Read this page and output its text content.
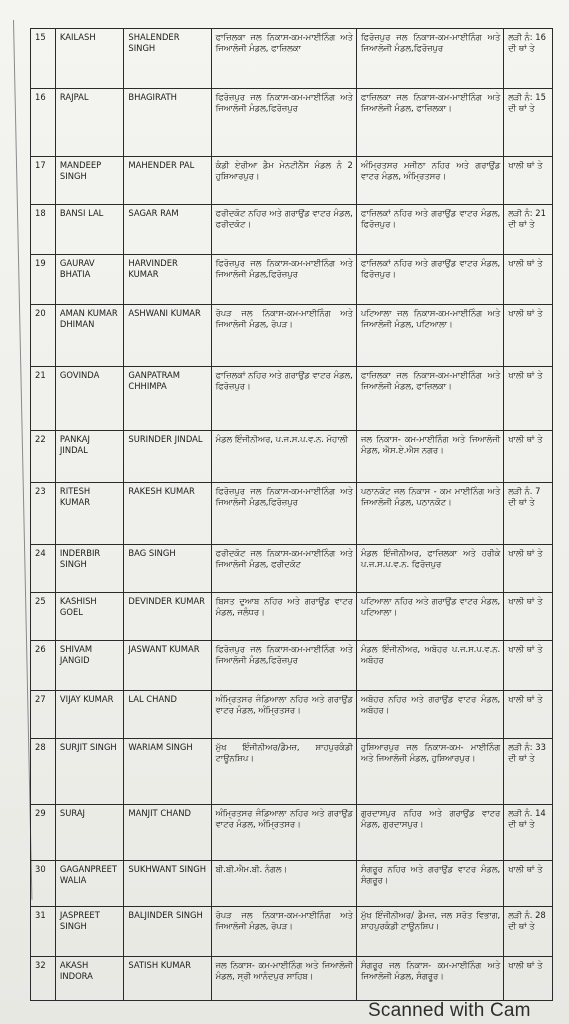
15	KAILASH	SHALENDER SINGH	ਫਾਜ਼ਿਲਕਾ ਜਲ ਨਿਕਾਸ-ਕਮ-ਮਾਈਨਿੰਗ ਅਤੇ ਜਿਆਲੋਜੀ ਮੰਡਲ, ਫਾਜ਼ਿਲਕਾ	ਫਿਰੋਜ਼ਪੁਰ ਜਲ ਨਿਕਾਸ-ਕਮ-ਮਾਈਨਿੰਗ ਅਤੇ ਜਿਆਲੋਜੀ ਮੰਡਲ,ਫਿਰੋਜ਼ਪੁਰ	ਲੜੀ ਨੰ: 16 ਦੀ ਥਾਂ ਤੇ
16	RAJPAL	BHAGIRATH	ਫਿਰੋਜ਼ਪੁਰ ਜਲ ਨਿਕਾਸ-ਕਮ-ਮਾਈਨਿੰਗ ਅਤੇ ਜਿਆਲੋਜੀ ਮੰਡਲ,ਫਿਰੋਜ਼ਪੁਰ	ਫਾਜ਼ਿਲਕਾ ਜਲ ਨਿਕਾਸ-ਕਮ-ਮਾਈਨਿੰਗ ਅਤੇ ਜਿਆਲੋਜੀ ਮੰਡਲ, ਫਾਜ਼ਿਲਕਾ।	ਲੜੀ ਨੰ: 15 ਦੀ ਥਾਂ ਤੇ
17	MANDEEP SINGH	MAHENDER PAL	ਕੰਡੀ ਏਰੀਆ ਡੈਮ ਮੇਨਟੀਨੈਂਸ ਮੰਡਲ ਨੰ 2 ਹੁਸ਼ਿਆਰਪੁਰ।	ਅੰਮ੍ਰਿਤਸਰ ਮਜੀਠਾ ਨਹਿਰ ਅਤੇ ਗਰਾਉਂਡ ਵਾਟਰ ਮੰਡਲ, ਅੰਮ੍ਰਿਤਸਰ।	ਖਾਲੀ ਥਾਂ ਤੇ
18	BANSI LAL	SAGAR RAM	ਫਰੀਦਕੋਟ ਨਹਿਰ ਅਤੇ ਗਰਾਉਂਡ ਵਾਟਰ ਮੰਡਲ, ਫਰੀਦਕੋਟ।	ਫਾਜ਼ਿਲਕਾਂ ਨਹਿਰ ਅਤੇ ਗਰਾਉਂਡ ਵਾਟਰ ਮੰਡਲ, ਫਿਰੋਜ਼ਪੁਰ।	ਲੜੀ ਨੰ: 21 ਦੀ ਥਾਂ ਤੇ
19	GAURAV BHATIA	HARVINDER KUMAR	ਫਿਰੋਜ਼ਪੁਰ ਜਲ ਨਿਕਾਸ-ਕਮ-ਮਾਈਨਿੰਗ ਅਤੇ ਜਿਆਲੋਜੀ ਮੰਡਲ,ਫਿਰੋਜ਼ਪੁਰ	ਫਾਜ਼ਿਲਕਾਂ ਨਹਿਰ ਅਤੇ ਗਰਾਉਂਡ ਵਾਟਰ ਮੰਡਲ, ਫਿਰੋਜ਼ਪੁਰ।	ਖਾਲੀ ਥਾਂ ਤੇ
20	AMAN KUMAR DHIMAN	ASHWANI KUMAR	ਰੋਪੜ ਜਲ ਨਿਕਾਸ-ਕਮ-ਮਾਈਨਿੰਗ ਅਤੇ ਜਿਆਲੋਜੀ ਮੰਡਲ, ਰੋਪੜ।	ਪਟਿਆਲਾ ਜਲ ਨਿਕਾਸ-ਕਮ-ਮਾਈਨਿੰਗ ਅਤੇ ਜਿਆਲੋਜੀ ਮੰਡਲ, ਪਟਿਆਲਾ।	ਖਾਲੀ ਥਾਂ ਤੇ
21	GOVINDA	GANPATRAM CHHIMPA	ਫਾਜ਼ਿਲਕਾਂ ਨਹਿਰ ਅਤੇ ਗਰਾਉਂਡ ਵਾਟਰ ਮੰਡਲ, ਫਿਰੋਜ਼ਪੁਰ।	ਫਾਜ਼ਿਲਕਾ ਜਲ ਨਿਕਾਸ-ਕਮ-ਮਾਈਨਿੰਗ ਅਤੇ ਜਿਆਲੋਜੀ ਮੰਡਲ, ਫਾਜ਼ਿਲਕਾ।	ਖਾਲੀ ਥਾਂ ਤੇ
22	PANKAJ JINDAL	SURINDER JINDAL	ਮੰਡਲ ਇੰਜੀਨੀਅਰ, ਪ.ਜ.ਸ.ਪ.ਵ.ਨ. ਮੋਹਾਲੀ	ਜਲ ਨਿਕਾਸ- ਕਮ-ਮਾਈਨਿੰਗ ਅਤੇ ਜਿਆਲੋਜੀ ਮੰਡਲ, ਐਸ.ਏ.ਐਸ ਨਗਰ।	ਖਾਲੀ ਥਾਂ ਤੇ
23	RITESH KUMAR	RAKESH KUMAR	ਫਿਰੋਜ਼ਪੁਰ ਜਲ ਨਿਕਾਸ-ਕਮ-ਮਾਈਨਿੰਗ ਅਤੇ ਜਿਆਲੋਜੀ ਮੰਡਲ,ਫਿਰੋਜ਼ਪੁਰ	ਪਠਾਨਕੋਟ ਜਲ ਨਿਕਾਸ - ਕਮ ਮਾਈਨਿੰਗ ਅਤੇ ਜਿਆਲੋਜੀ ਮੰਡਲ, ਪਠਾਨਕੋਟ।	ਲੜੀ ਨੰ. 7 ਦੀ ਥਾਂ ਤੇ
24	INDERBIR SINGH	BAG SINGH	ਫਰੀਦਕੋਟ ਜਲ ਨਿਕਾਸ-ਕਮ-ਮਾਈਨਿੰਗ ਅਤੇ ਜਿਆਲੋਜੀ ਮੰਡਲ, ਫਰੀਦਕੋਟ	ਮੰਡਲ ਇੰਜੀਨੀਅਰ, ਫਾਜ਼ਿਲਕਾ ਅਤੇ ਹਰੀਕੇ ਪ.ਜ.ਸ.ਪ.ਵ.ਨ. ਫਿਰੋਜ਼ਪੁਰ	ਖਾਲੀ ਥਾਂ ਤੇ
25	KASHISH GOEL	DEVINDER KUMAR	ਬਿਸਤ ਦੁਆਬ ਨਹਿਰ ਅਤੇ ਗਰਾਉਂਡ ਵਾਟਰ ਮੰਡਲ, ਜਲੰਧਰ।	ਪਟਿਆਲਾ ਨਹਿਰ ਅਤੇ ਗਰਾਉਂਡ ਵਾਟਰ ਮੰਡਲ, ਪਟਿਆਲਾ।	ਖਾਲੀ ਥਾਂ ਤੇ
26	SHIVAM JANGID	JASWANT KUMAR	ਫਿਰੋਜ਼ਪੁਰ ਜਲ ਨਿਕਾਸ-ਕਮ-ਮਾਈਨਿੰਗ ਅਤੇ ਜਿਆਲੋਜੀ ਮੰਡਲ,ਫਿਰੋਜ਼ਪੁਰ	ਮੰਡਲ ਇੰਜੀਨੀਅਰ, ਅਬੋਹਰ ਪ.ਜ.ਸ.ਪ.ਵ.ਨ. ਅਬੋਹਰ	ਖਾਲੀ ਥਾਂ ਤੇ
27	VIJAY KUMAR	LAL CHAND	ਅੰਮ੍ਰਿਤਸਰ ਜੰਡਿਆਲਾ ਨਹਿਰ ਅਤੇ ਗਰਾਉਂਡ ਵਾਟਰ ਮੰਡਲ, ਅੰਮ੍ਰਿਤਸਰ।	ਅਬੋਹਰ ਨਹਿਰ ਅਤੇ ਗਰਾਉਂਡ ਵਾਟਰ ਮੰਡਲ, ਅਬੋਹਰ।	ਖਾਲੀ ਥਾਂ ਤੇ
28	SURJIT SINGH	WARIAM SINGH	ਮੁੱਖ ਇੰਜੀਨੀਅਰ/ਡੈਮਜ਼, ਸ਼ਾਹਪੁਰਕੰਡੀ ਟਾਊਨਸ਼ਿਪ।	ਹੁਸ਼ਿਆਰਪੁਰ ਜਲ ਨਿਕਾਸ-ਕਮ- ਮਾਈਨਿੰਗ ਅਤੇ ਜਿਆਲੋਜੀ ਮੰਡਲ, ਹੁਸ਼ਿਆਰਪੁਰ।	ਲੜੀ ਨੰ: 33 ਦੀ ਥਾਂ ਤੇ
29	SURAJ	MANJIT CHAND	ਅੰਮ੍ਰਿਤਸਰ ਜੰਡਿਆਲਾ ਨਹਿਰ ਅਤੇ ਗਰਾਉਂਡ ਵਾਟਰ ਮੰਡਲ, ਅੰਮ੍ਰਿਤਸਰ।	ਗੁਰਦਾਸਪੁਰ ਨਹਿਰ ਅਤੇ ਗਰਾਉਂਡ ਵਾਟਰ ਮੰਡਲ, ਗੁਰਦਾਸਪੁਰ।	ਲੜੀ ਨੰ. 14 ਦੀ ਥਾਂ ਤੇ
30	GAGANPREET WALIA	SUKHWANT SINGH	ਬੀ.ਬੀ.ਐਮ.ਬੀ. ਨੰਗਲ।	ਸੰਗਰੂਰ ਨਹਿਰ ਅਤੇ ਗਰਾਉਂਡ ਵਾਟਰ ਮੰਡਲ, ਸੰਗਰੂਰ।	ਖਾਲੀ ਥਾਂ ਤੇ
31	JASPREET SINGH	BALJINDER SINGH	ਰੋਪੜ ਜਲ ਨਿਕਾਸ-ਕਮ-ਮਾਈਨਿੰਗ ਅਤੇ ਜਿਆਲੋਜੀ ਮੰਡਲ, ਰੋਪੜ।	ਮੁੱਖ ਇੰਜੀਨੀਅਰ/ ਡੈਮਜ਼, ਜਲ ਸਰੋਤ ਵਿਭਾਗ, ਸ਼ਾਹਪੁਰਕੰਡੀ ਟਾਊਨਸ਼ਿਪ।	ਲੜੀ ਨੰ. 28 ਦੀ ਥਾਂ ਤੇ
32	AKASH INDORA	SATISH KUMAR	ਜਲ ਨਿਕਾਸ- ਕਮ-ਮਾਈਨਿੰਗ ਅਤੇ ਜਿਆਲੋਜੀ ਮੰਡਲ, ਸ੍ਰੀ ਆਨੰਦਪੁਰ ਸਾਹਿਬ।	ਸੰਗਰੂਰ ਜਲ ਨਿਕਾਸ- ਕਮ-ਮਾਈਨਿੰਗ ਅਤੇ ਜਿਆਲੋਜੀ ਮੰਡਲ, ਸੰਗਰੂਰ।	ਖਾਲੀ ਥਾਂ ਤੇ
Scanned with Cam
